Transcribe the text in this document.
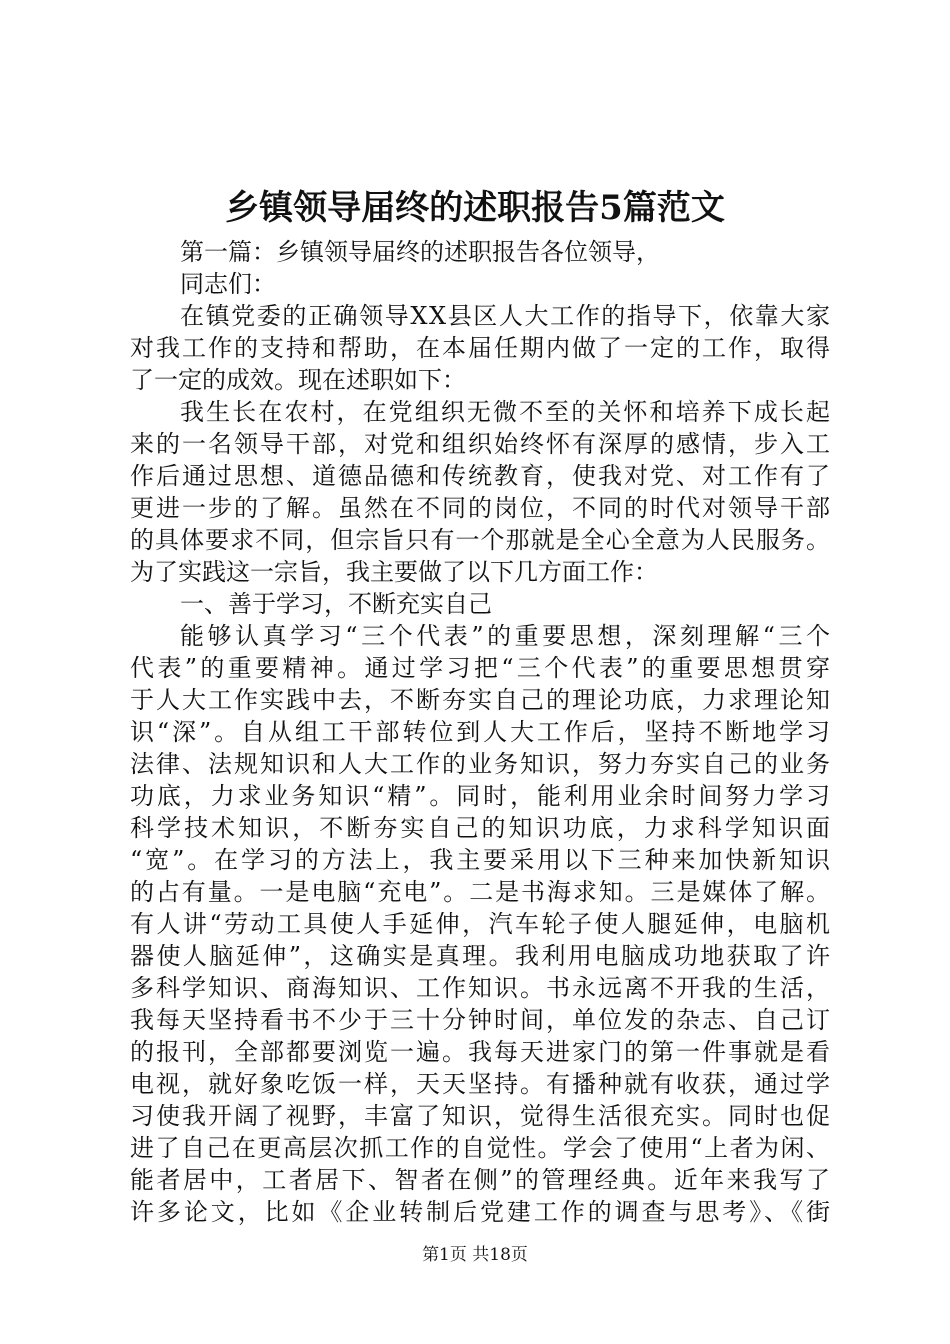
乡镇领导届终的述职报告5篇范文
第一篇：乡镇领导届终的述职报告各位领导，
同志们：
在镇党委的正确领导XX县区人大工作的指导下，依靠大家
对我工作的支持和帮助，在本届任期内做了一定的工作，取得
了一定的成效。现在述职如下：
我生长在农村，在党组织无微不至的关怀和培养下成长起
来的一名领导干部，对党和组织始终怀有深厚的感情，步入工
作后通过思想、道德品德和传统教育，使我对党、对工作有了
更进一步的了解。虽然在不同的岗位，不同的时代对领导干部
的具体要求不同，但宗旨只有一个那就是全心全意为人民服务。
为了实践这一宗旨，我主要做了以下几方面工作：
一、善于学习，不断充实自己
能够认真学习“三个代表”的重要思想，深刻理解“三个
代表”的重要精神。通过学习把“三个代表”的重要思想贯穿
于人大工作实践中去，不断夯实自己的理论功底，力求理论知
识“深”。自从组工干部转位到人大工作后，坚持不断地学习
法律、法规知识和人大工作的业务知识，努力夯实自己的业务
功底，力求业务知识“精”。同时，能利用业余时间努力学习
科学技术知识，不断夯实自己的知识功底，力求科学知识面
“宽”。在学习的方法上，我主要采用以下三种来加快新知识
的占有量。一是电脑“充电”。二是书海求知。三是媒体了解。
有人讲“劳动工具使人手延伸，汽车轮子使人腿延伸，电脑机
器使人脑延伸”，这确实是真理。我利用电脑成功地获取了许
多科学知识、商海知识、工作知识。书永远离不开我的生活，
我每天坚持看书不少于三十分钟时间，单位发的杂志、自己订
的报刊，全部都要浏览一遍。我每天进家门的第一件事就是看
电视，就好象吃饭一样，天天坚持。有播种就有收获，通过学
习使我开阔了视野，丰富了知识，觉得生活很充实。同时也促
进了自己在更高层次抓工作的自觉性。学会了使用“上者为闲、
能者居中，工者居下、智者在侧”的管理经典。近年来我写了
许多论文，比如《企业转制后党建工作的调查与思考》、《街
第1页 共18页
